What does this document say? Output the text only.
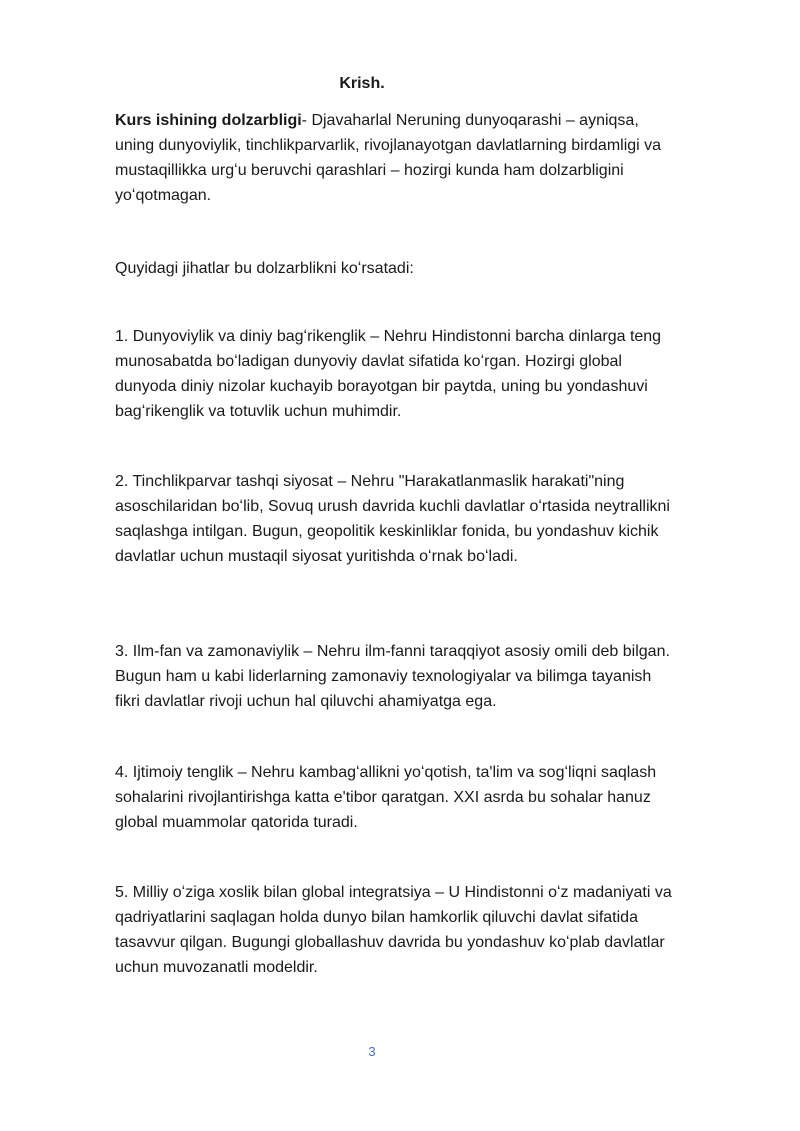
Krish.

Kurs ishining dolzarbligi- Djavaharlal Neruning dunyoqarashi – ayniqsa, uning dunyoviylik, tinchlikparvarlik, rivojlanayotgan davlatlarning birdamligi va mustaqillikka urgʻu beruvchi qarashlari – hozirgi kunda ham dolzarbligini yoʻqotmagan.

Quyidagi jihatlar bu dolzarblikni koʻrsatadi:

1. Dunyoviylik va diniy bagʻrikenglik – Nehru Hindistonni barcha dinlarga teng munosabatda boʻladigan dunyoviy davlat sifatida koʻrgan. Hozirgi global dunyoda diniy nizolar kuchayib borayotgan bir paytda, uning bu yondashuvi bagʻrikenglik va totuvlik uchun muhimdir.

2. Tinchlikparvar tashqi siyosat – Nehru "Harakatlanmaslik harakati"ning asoschilaridan boʻlib, Sovuq urush davrida kuchli davlatlar oʻrtasida neytrallikni saqlashga intilgan. Bugun, geopolitik keskinliklar fonida, bu yondashuv kichik davlatlar uchun mustaqil siyosat yuritishda oʻrnak boʻladi.

3. Ilm-fan va zamonaviylik – Nehru ilm-fanni taraqqiyot asosiy omili deb bilgan. Bugun ham u kabi liderlarning zamonaviy texnologiyalar va bilimga tayanish fikri davlatlar rivoji uchun hal qiluvchi ahamiyatga ega.

4. Ijtimoiy tenglik – Nehru kambagʻallikni yoʻqotish, ta'lim va sogʻliqni saqlash sohalarini rivojlantirishga katta e'tibor qaratgan. XXI asrda bu sohalar hanuz global muammolar qatorida turadi.

5. Milliy oʻziga xoslik bilan global integratsiya – U Hindistonni oʻz madaniyati va qadriyatlarini saqlagan holda dunyo bilan hamkorlik qiluvchi davlat sifatida tasavvur qilgan. Bugungi globallashuv davrida bu yondashuv koʻplab davlatlar uchun muvozanatli modeldir.

3
